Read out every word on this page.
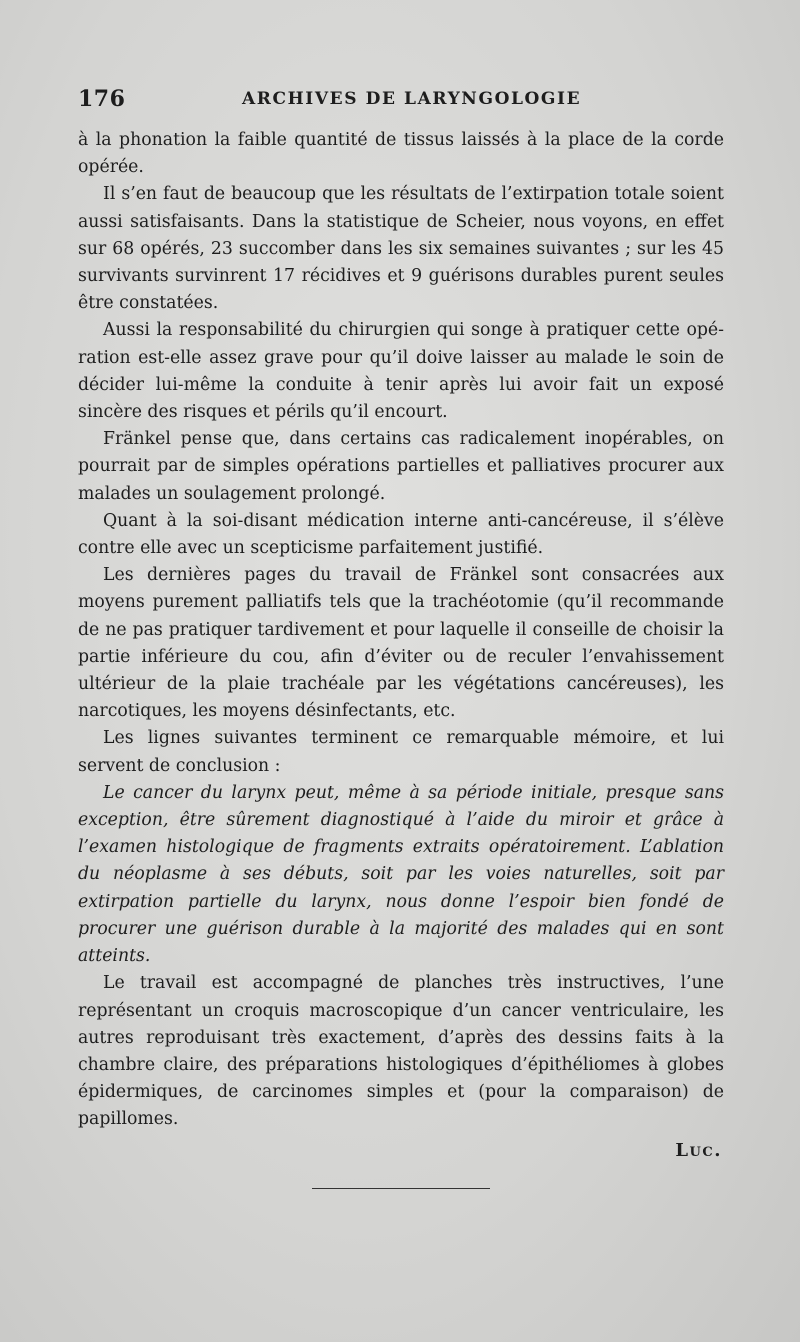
176	ARCHIVES DE LARYNGOLOGIE

à la phonation la faible quantité de tissus laissés à la place de la corde opérée.

Il s’en faut de beaucoup que les résultats de l’extirpation totale soient aussi satisfaisants. Dans la statistique de Scheier, nous voyons, en effet sur 68 opérés, 23 succomber dans les six semaines suivantes ; sur les 45 survivants survinrent 17 récidives et 9 guérisons durables purent seules être constatées.

Aussi la responsabilité du chirurgien qui songe à pratiquer cette opération est-elle assez grave pour qu’il doive laisser au malade le soin de décider lui-même la conduite à tenir après lui avoir fait un exposé sincère des risques et périls qu’il encourt.

Fränkel pense que, dans certains cas radicalement inopérables, on pourrait par de simples opérations partielles et palliatives procurer aux malades un soulagement prolongé.

Quant à la soi-disant médication interne anti-cancéreuse, il s’élève contre elle avec un scepticisme parfaitement justifié.

Les dernières pages du travail de Fränkel sont consacrées aux moyens purement palliatifs tels que la trachéotomie (qu’il recommande de ne pas pratiquer tardivement et pour laquelle il conseille de choisir la partie inférieure du cou, afin d’éviter ou de reculer l’envahissement ultérieur de la plaie trachéale par les végétations cancéreuses), les narcotiques, les moyens désinfectants, etc.

Les lignes suivantes terminent ce remarquable mémoire, et lui servent de conclusion :

Le cancer du larynx peut, même à sa période initiale, presque sans exception, être sûrement diagnostiqué à l’aide du miroir et grâce à l’examen histologique de fragments extraits opératoirement. L’ablation du néoplasme à ses débuts, soit par les voies naturelles, soit par extirpation partielle du larynx, nous donne l’espoir bien fondé de procurer une guérison durable à la majorité des malades qui en sont atteints.

Le travail est accompagné de planches très instructives, l’une représentant un croquis macroscopique d’un cancer ventriculaire, les autres reproduisant très exactement, d’après des dessins faits à la chambre claire, des préparations histologiques d’épithéliomes à globes épidermiques, de carcinomes simples et (pour la comparaison) de papillomes.

Luc.
